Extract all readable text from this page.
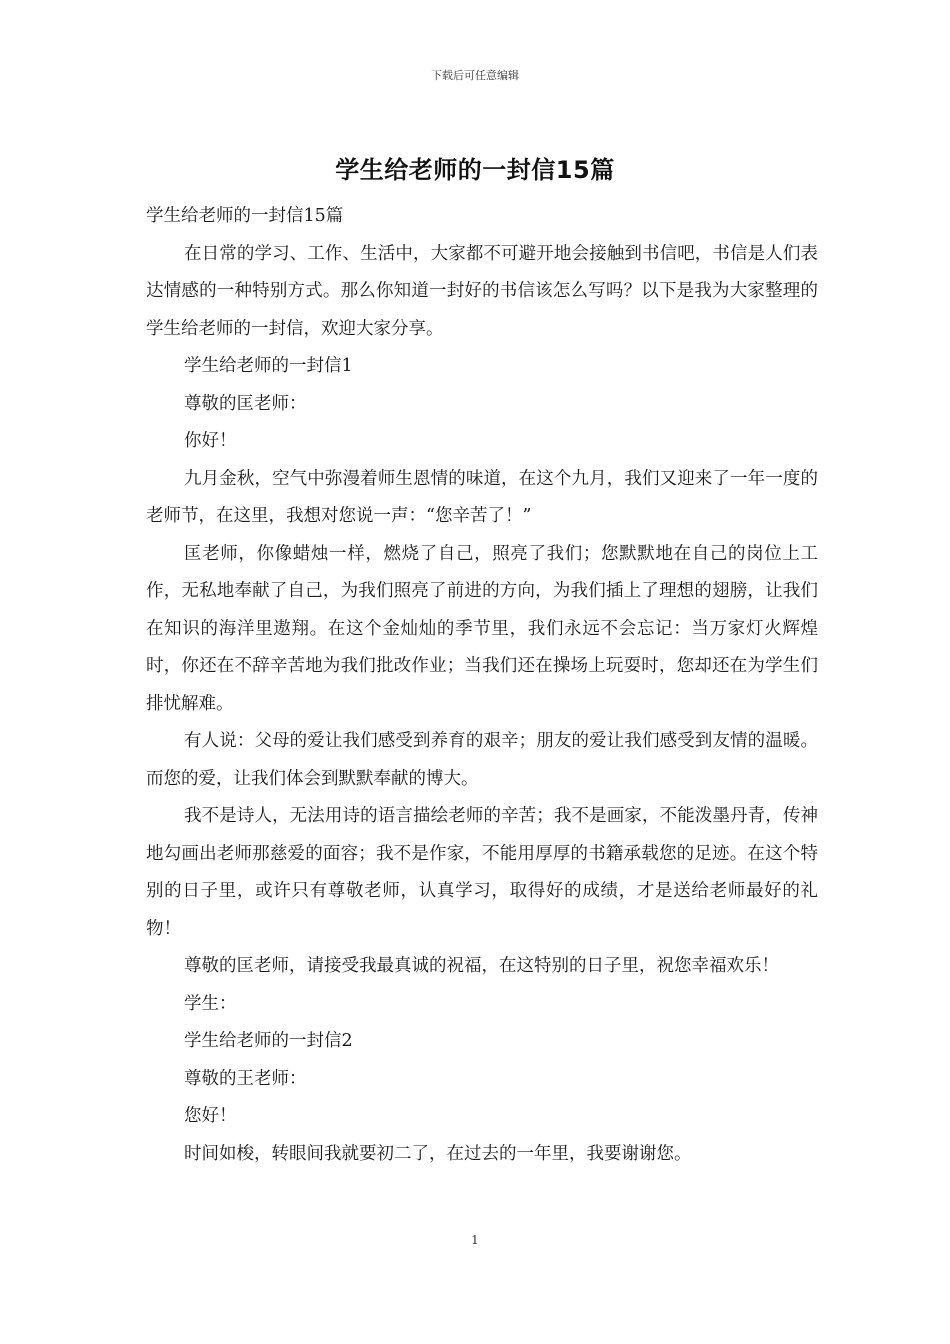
下载后可任意编辑
学生给老师的一封信15篇

学生给老师的一封信15篇

在日常的学习、工作、生活中，大家都不可避开地会接触到书信吧，书信是人们表达情感的一种特别方式。那么你知道一封好的书信该怎么写吗？以下是我为大家整理的学生给老师的一封信，欢迎大家分享。

学生给老师的一封信1

尊敬的匡老师：

你好！

九月金秋，空气中弥漫着师生恩情的味道，在这个九月，我们又迎来了一年一度的老师节，在这里，我想对您说一声：“您辛苦了！”

匡老师，你像蜡烛一样，燃烧了自己，照亮了我们；您默默地在自己的岗位上工作，无私地奉献了自己，为我们照亮了前进的方向，为我们插上了理想的翅膀，让我们在知识的海洋里遨翔。在这个金灿灿的季节里，我们永远不会忘记：当万家灯火辉煌时，你还在不辞辛苦地为我们批改作业；当我们还在操场上玩耍时，您却还在为学生们排忧解难。

有人说：父母的爱让我们感受到养育的艰辛；朋友的爱让我们感受到友情的温暖。而您的爱，让我们体会到默默奉献的博大。

我不是诗人，无法用诗的语言描绘老师的辛苦；我不是画家，不能泼墨丹青，传神地勾画出老师那慈爱的面容；我不是作家，不能用厚厚的书籍承载您的足迹。在这个特别的日子里，或许只有尊敬老师，认真学习，取得好的成绩，才是送给老师最好的礼物！

尊敬的匡老师，请接受我最真诚的祝福，在这特别的日子里，祝您幸福欢乐！

学生：

学生给老师的一封信2

尊敬的王老师：

您好！

时间如梭，转眼间我就要初二了，在过去的一年里，我要谢谢您。

1
